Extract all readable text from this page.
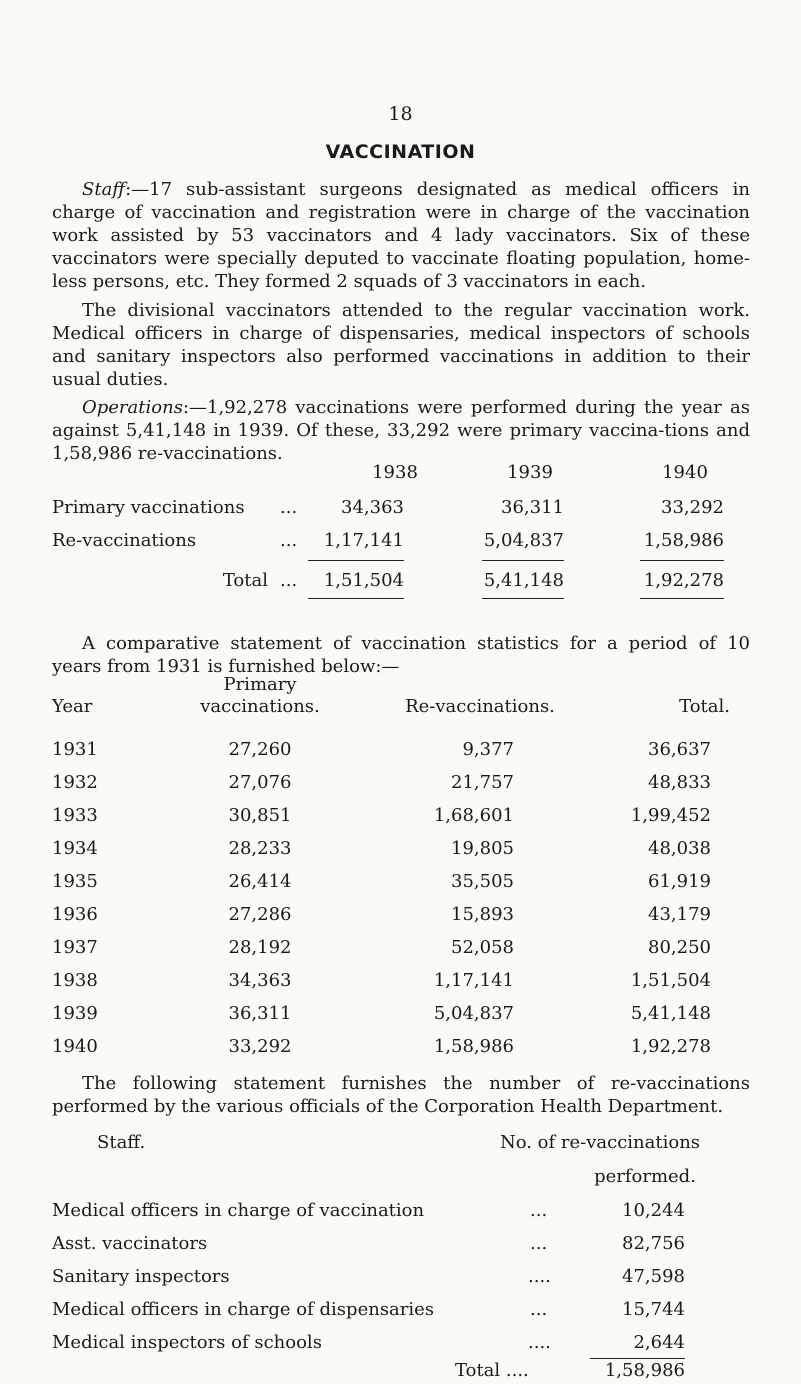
18
VACCINATION
Staff:—17 sub-assistant surgeons designated as medical officers in charge of vaccination and registration were in charge of the vaccination work assisted by 53 vaccinators and 4 lady vaccinators. Six of these vaccinators were specially deputed to vaccinate floating population, home-less persons, etc. They formed 2 squads of 3 vaccinators in each.
The divisional vaccinators attended to the regular vaccination work. Medical officers in charge of dispensaries, medical inspectors of schools and sanitary inspectors also performed vaccinations in addition to their usual duties.
Operations:—1,92,278 vaccinations were performed during the year as against 5,41,148 in 1939. Of these, 33,292 were primary vaccina-tions and 1,58,986 re-vaccinations.
1938	1939	1940
Primary vaccinations ...	34,363	36,311	33,292
Re-vaccinations	...	1,17,141	5,04,837	1,58,986
Total ...	1,51,504	5,41,148	1,92,278
A comparative statement of vaccination statistics for a period of 10 years from 1931 is furnished below:—
Year
Primary
vaccinations.	Re-vaccinations.	Total.
1931	27,260	9,377	36,637
1932	27,076	21,757	48,833
1933	30,851	1,68,601	1,99,452
1934	28,233	19,805	48,038
1935	26,414	35,505	61,919
1936	27,286	15,893	43,179
1937	28,192	52,058	80,250
1938	34,363	1,17,141	1,51,504
1939	36,311	5,04,837	5,41,148
1940	33,292	1,58,986	1,92,278
The following statement furnishes the number of re-vaccinations performed by the various officials of the Corporation Health Department.
Staff.	No. of re-vaccinations
performed.
Medical officers in charge of vaccination	...	10,244
Asst. vaccinators	...	82,756
Sanitary inspectors	....	47,598
Medical officers in charge of dispensaries	...	15,744
Medical inspectors of schools	....	2,644
Total ....	1,58,986
